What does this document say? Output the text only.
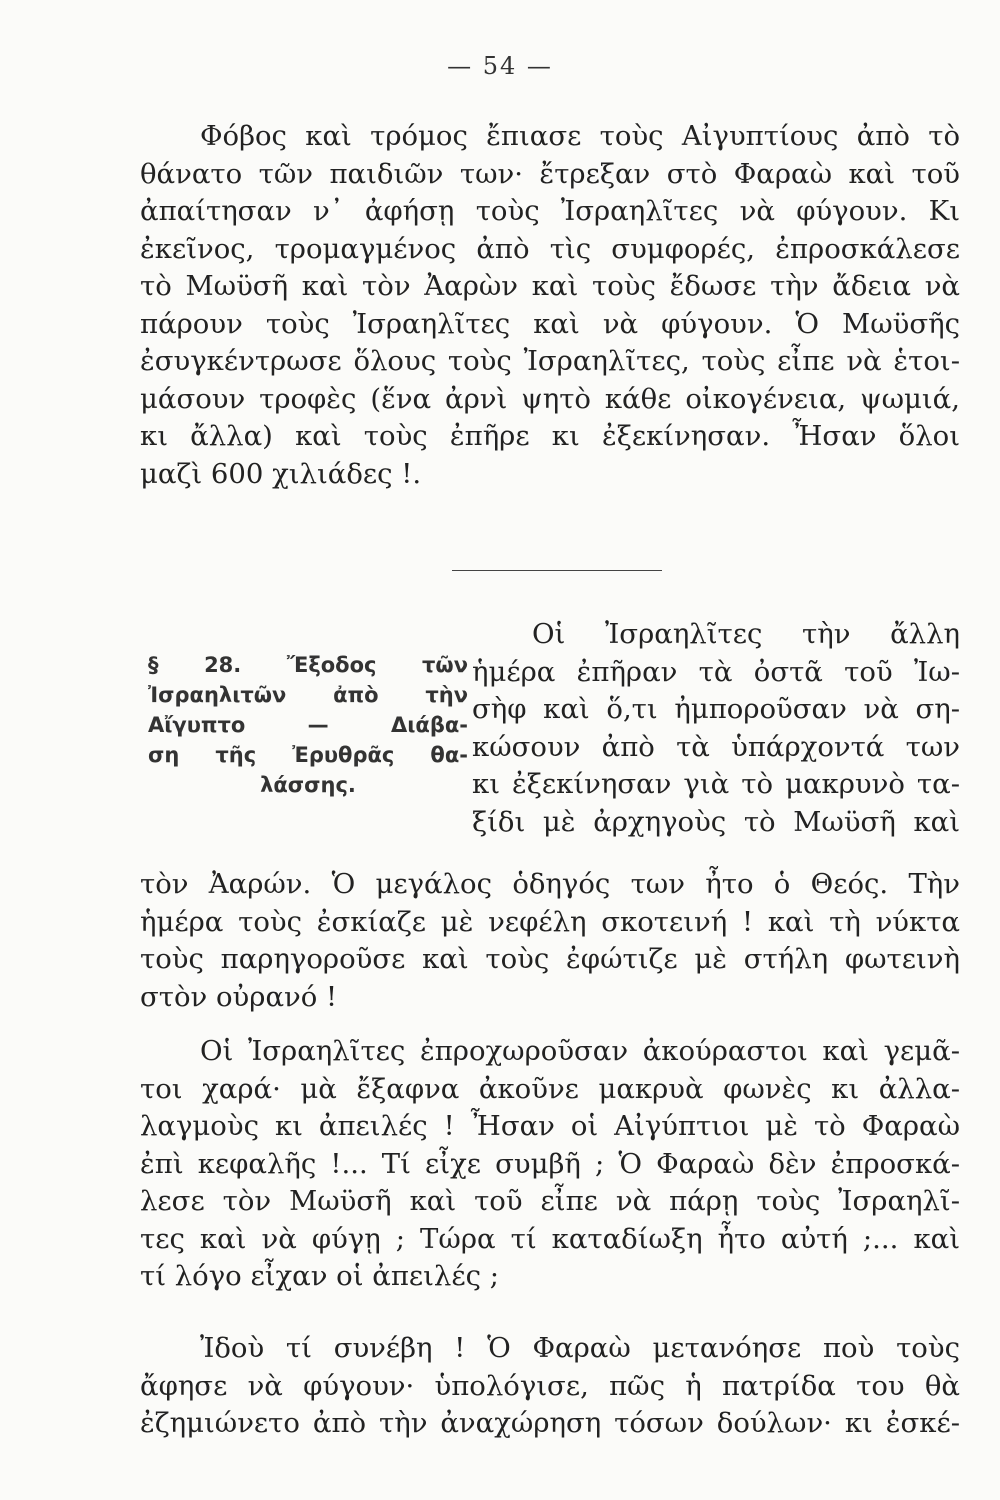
— 54 —
Φόβος καὶ τρόμος ἔπιασε τοὺς Αἰγυπτίους ἀπὸ τὸ
θάνατο τῶν παιδιῶν των· ἔτρεξαν στὸ Φαραὼ καὶ τοῦ
ἀπαίτησαν ν᾽ ἀφήσῃ τοὺς Ἰσραηλῖτες νὰ φύγουν. Κι
ἐκεῖνος, τρομαγμένος ἀπὸ τὶς συμφορές, ἐπροσκάλεσε
τὸ Μωϋσῆ καὶ τὸν Ἀαρὼν καὶ τοὺς ἔδωσε τὴν ἄδεια νὰ
πάρουν τοὺς Ἰσραηλῖτες καὶ νὰ φύγουν. Ὁ Μωϋσῆς
ἐσυγκέντρωσε ὅλους τοὺς Ἰσραηλῖτες, τοὺς εἶπε νὰ ἑτοι-
μάσουν τροφὲς (ἕνα ἀρνὶ ψητὸ κάθε οἰκογένεια, ψωμιά,
κι ἄλλα) καὶ τοὺς ἐπῆρε κι ἐξεκίνησαν. Ἦσαν ὅλοι
μαζὶ 600 χιλιάδες !.
§ 28. Ἔξοδος τῶν
Ἰσραηλιτῶν ἀπὸ τὴν
Αἴγυπτο — Διάβα-
ση τῆς Ἐρυθρᾶς θα-
λάσσης.
Οἱ Ἰσραηλῖτες τὴν ἄλλη
ἡμέρα ἐπῆραν τὰ ὀστᾶ τοῦ Ἰω-
σὴφ καὶ ὅ,τι ἠμποροῦσαν νὰ ση-
κώσουν ἀπὸ τὰ ὑπάρχοντά των
κι ἐξεκίνησαν γιὰ τὸ μακρυνὸ τα-
ξίδι μὲ ἀρχηγοὺς τὸ Μωϋσῆ καὶ
τὸν Ἀαρών. Ὁ μεγάλος ὁδηγός των ἦτο ὁ Θεός. Τὴν
ἡμέρα τοὺς ἐσκίαζε μὲ νεφέλη σκοτεινή ! καὶ τὴ νύκτα
τοὺς παρηγοροῦσε καὶ τοὺς ἐφώτιζε μὲ στήλη φωτεινὴ
στὸν οὐρανό !
Οἱ Ἰσραηλῖτες ἐπροχωροῦσαν ἀκούραστοι καὶ γεμᾶ-
τοι χαρά· μὰ ἔξαφνα ἀκοῦνε μακρυὰ φωνὲς κι ἀλλα-
λαγμοὺς κι ἀπειλές ! Ἦσαν οἱ Αἰγύπτιοι μὲ τὸ Φαραὼ
ἐπὶ κεφαλῆς !... Τί εἶχε συμβῆ ; Ὁ Φαραὼ δὲν ἐπροσκά-
λεσε τὸν Μωϋσῆ καὶ τοῦ εἶπε νὰ πάρῃ τοὺς Ἰσραηλῖ-
τες καὶ νὰ φύγῃ ; Τώρα τί καταδίωξη ἦτο αὐτή ;... καὶ
τί λόγο εἶχαν οἱ ἀπειλές ;
Ἰδοὺ τί συνέβη ! Ὁ Φαραὼ μετανόησε ποὺ τοὺς
ἄφησε νὰ φύγουν· ὑπολόγισε, πῶς ἡ πατρίδα του θὰ
ἐζημιώνετο ἀπὸ τὴν ἀναχώρηση τόσων δούλων· κι ἐσκέ-
